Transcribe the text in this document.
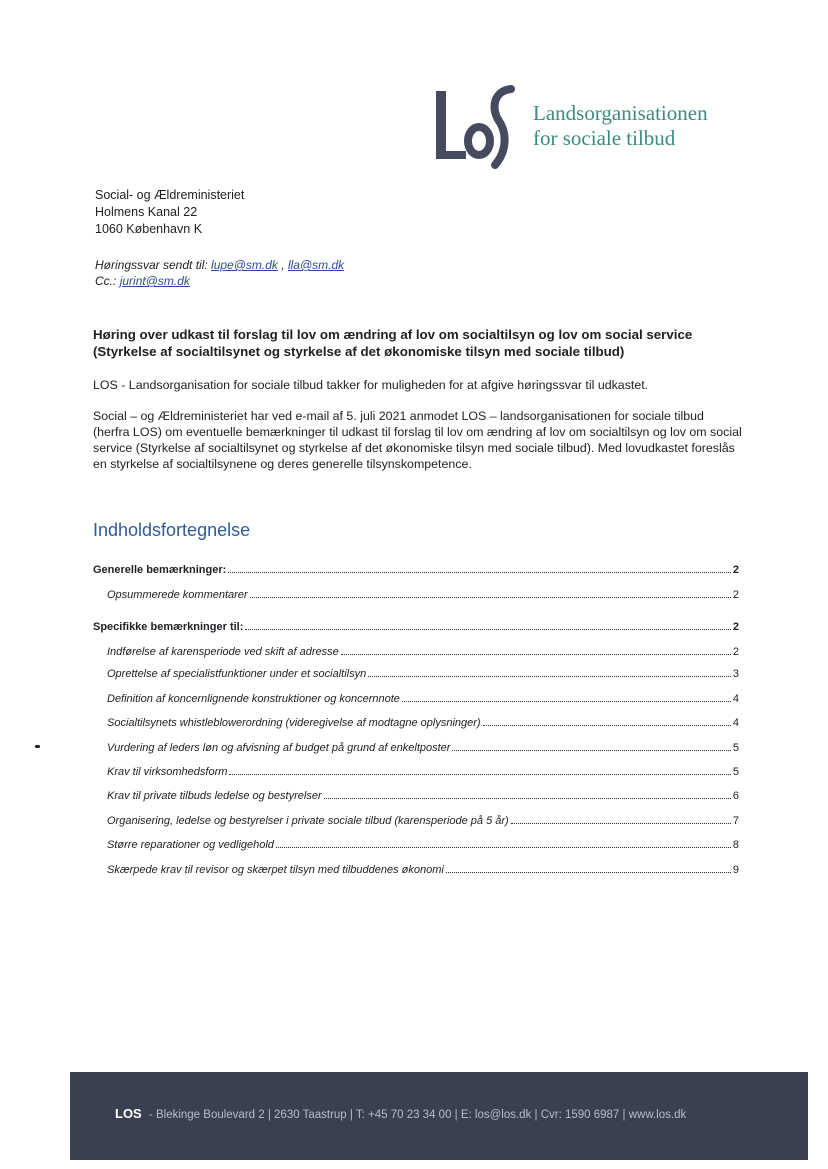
Landsorganisationen
for sociale tilbud
Social- og Ældreministeriet
Holmens Kanal 22
1060 København K
Høringssvar sendt til: lupe@sm.dk , lla@sm.dk
Cc.: jurint@sm.dk
Høring over udkast til forslag til lov om ændring af lov om socialtilsyn og lov om social service (Styrkelse af socialtilsynet og styrkelse af det økonomiske tilsyn med sociale tilbud)
LOS - Landsorganisation for sociale tilbud takker for muligheden for at afgive høringssvar til udkastet.
Social – og Ældreministeriet har ved e-mail af 5. juli 2021 anmodet LOS – landsorganisationen for sociale tilbud (herfra LOS) om eventuelle bemærkninger til udkast til forslag til lov om ændring af lov om socialtilsyn og lov om social service (Styrkelse af socialtilsynet og styrkelse af det økonomiske tilsyn med sociale tilbud). Med lovudkastet foreslås en styrkelse af socialtilsynene og deres generelle tilsynskompetence.
Indholdsfortegnelse
Generelle bemærkninger:	2
Opsummerede kommentarer	2
Specifikke bemærkninger til:	2
Indførelse af karensperiode ved skift af adresse	2
Oprettelse af specialistfunktioner under et socialtilsyn	3
Definition af koncernlignende konstruktioner og koncernnote	4
Socialtilsynets whistleblowerordning (videregivelse af modtagne oplysninger)	4
Vurdering af leders løn og afvisning af budget på grund af enkeltposter	5
Krav til virksomhedsform	5
Krav til private tilbuds ledelse og bestyrelser	6
Organisering, ledelse og bestyrelser i private sociale tilbud (karensperiode på 5 år)	7
Større reparationer og vedligehold	8
Skærpede krav til revisor og skærpet tilsyn med tilbuddenes økonomi	9
LOS - Blekinge Boulevard 2 | 2630 Taastrup | T: +45 70 23 34 00 | E: los@los.dk | Cvr: 1590 6987 | www.los.dk
